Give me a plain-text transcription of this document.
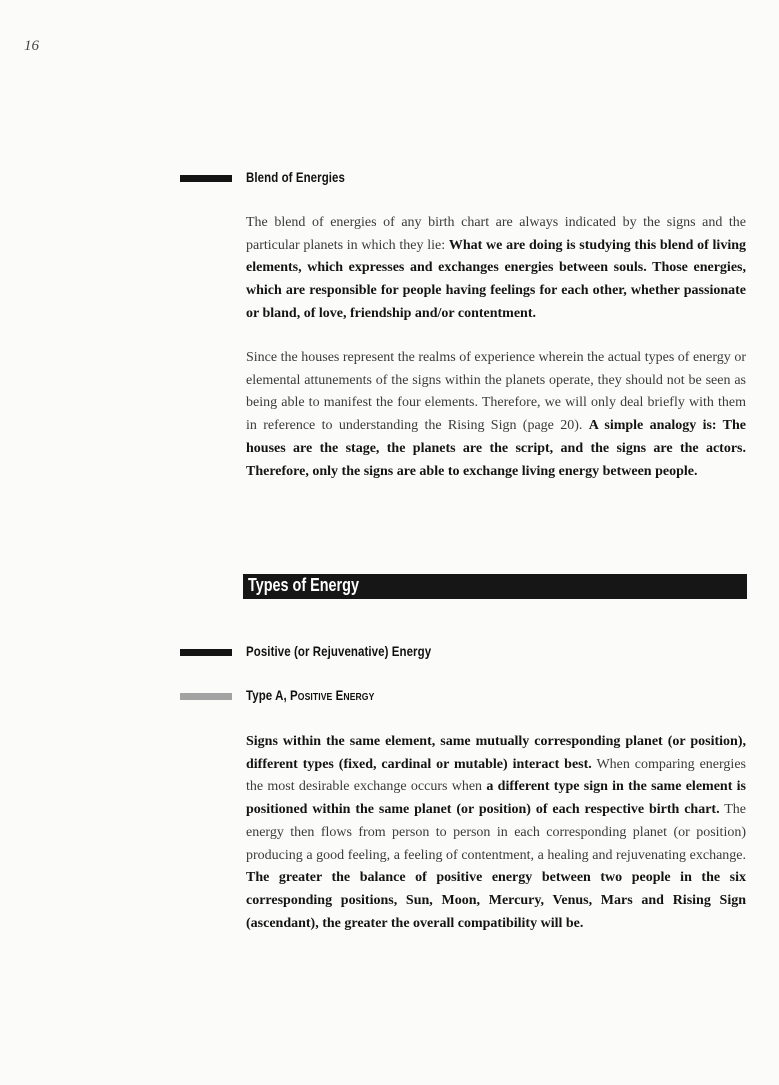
16
Blend of Energies

The blend of energies of any birth chart are always indicated by the signs and the particular planets in which they lie: What we are doing is studying this blend of living elements, which expresses and exchanges energies between souls. Those energies, which are responsible for people having feelings for each other, whether passionate or bland, of love, friendship and/or contentment.

Since the houses represent the realms of experience wherein the actual types of energy or elemental attunements of the signs within the planets operate, they should not be seen as being able to manifest the four elements. Therefore, we will only deal briefly with them in reference to understanding the Rising Sign (page 20). A simple analogy is: The houses are the stage, the planets are the script, and the signs are the actors. Therefore, only the signs are able to exchange living energy between people.

Types of Energy
Positive (or Rejuvenative) Energy
Type A, POSITIVE ENERGY

Signs within the same element, same mutually corresponding planet (or position), different types (fixed, cardinal or mutable) interact best. When comparing energies the most desirable exchange occurs when a different type sign in the same element is positioned within the same planet (or position) of each respective birth chart. The energy then flows from person to person in each corresponding planet (or position) producing a good feeling, a feeling of contentment, a healing and rejuvenating exchange. The greater the balance of positive energy between two people in the six corresponding positions, Sun, Moon, Mercury, Venus, Mars and Rising Sign (ascendant), the greater the overall compatibility will be.
